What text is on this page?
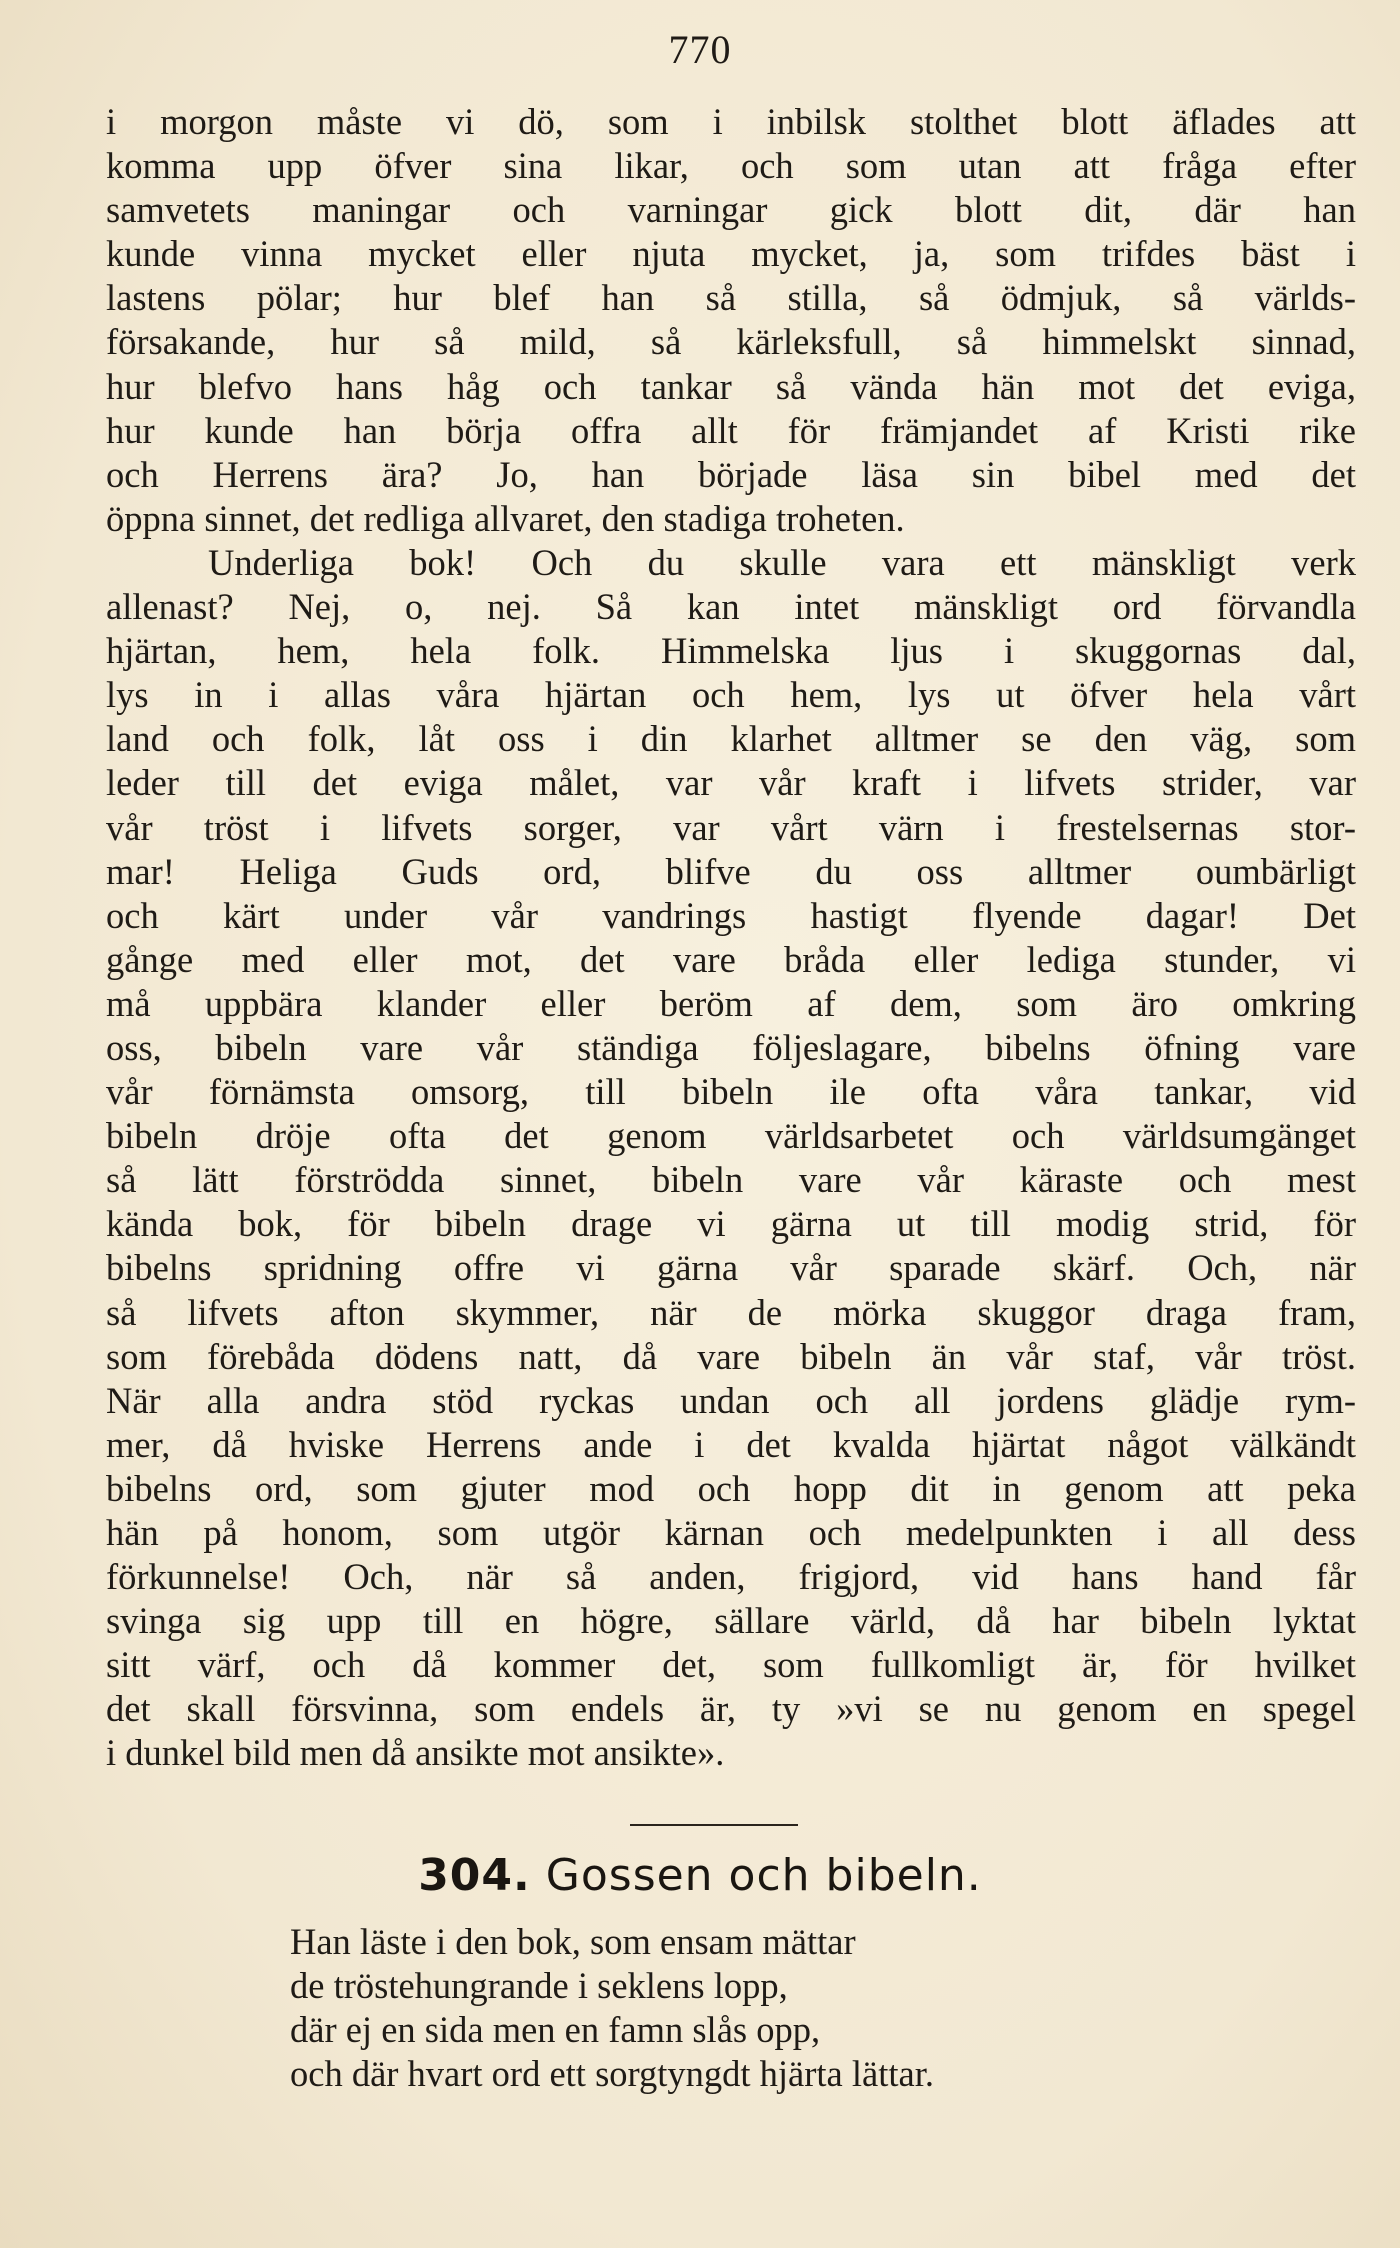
770
i morgon måste vi dö, som i inbilsk stolthet blott äflades att
komma upp öfver sina likar, och som utan att fråga efter
samvetets maningar och varningar gick blott dit, där han
kunde vinna mycket eller njuta mycket, ja, som trifdes bäst i
lastens pölar; hur blef han så stilla, så ödmjuk, så världs-
försakande, hur så mild, så kärleksfull, så himmelskt sinnad,
hur blefvo hans håg och tankar så vända hän mot det eviga,
hur kunde han börja offra allt för främjandet af Kristi rike
och Herrens ära? Jo, han började läsa sin bibel med det
öppna sinnet, det redliga allvaret, den stadiga troheten.
Underliga bok! Och du skulle vara ett mänskligt verk
allenast? Nej, o, nej. Så kan intet mänskligt ord förvandla
hjärtan, hem, hela folk. Himmelska ljus i skuggornas dal,
lys in i allas våra hjärtan och hem, lys ut öfver hela vårt
land och folk, låt oss i din klarhet alltmer se den väg, som
leder till det eviga målet, var vår kraft i lifvets strider, var
vår tröst i lifvets sorger, var vårt värn i frestelsernas stor-
mar! Heliga Guds ord, blifve du oss alltmer oumbärligt
och kärt under vår vandrings hastigt flyende dagar! Det
gånge med eller mot, det vare bråda eller lediga stunder, vi
må uppbära klander eller beröm af dem, som äro omkring
oss, bibeln vare vår ständiga följeslagare, bibelns öfning vare
vår förnämsta omsorg, till bibeln ile ofta våra tankar, vid
bibeln dröje ofta det genom världsarbetet och världsumgänget
så lätt förströdda sinnet, bibeln vare vår käraste och mest
kända bok, för bibeln drage vi gärna ut till modig strid, för
bibelns spridning offre vi gärna vår sparade skärf. Och, när
så lifvets afton skymmer, när de mörka skuggor draga fram,
som förebåda dödens natt, då vare bibeln än vår staf, vår tröst.
När alla andra stöd ryckas undan och all jordens glädje rym-
mer, då hviske Herrens ande i det kvalda hjärtat något välkändt
bibelns ord, som gjuter mod och hopp dit in genom att peka
hän på honom, som utgör kärnan och medelpunkten i all dess
förkunnelse! Och, när så anden, frigjord, vid hans hand får
svinga sig upp till en högre, sällare värld, då har bibeln lyktat
sitt värf, och då kommer det, som fullkomligt är, för hvilket
det skall försvinna, som endels är, ty »vi se nu genom en spegel
i dunkel bild men då ansikte mot ansikte».
304. Gossen och bibeln.
Han läste i den bok, som ensam mättar
de tröstehungrande i seklens lopp,
där ej en sida men en famn slås opp,
och där hvart ord ett sorgtyngdt hjärta lättar.
